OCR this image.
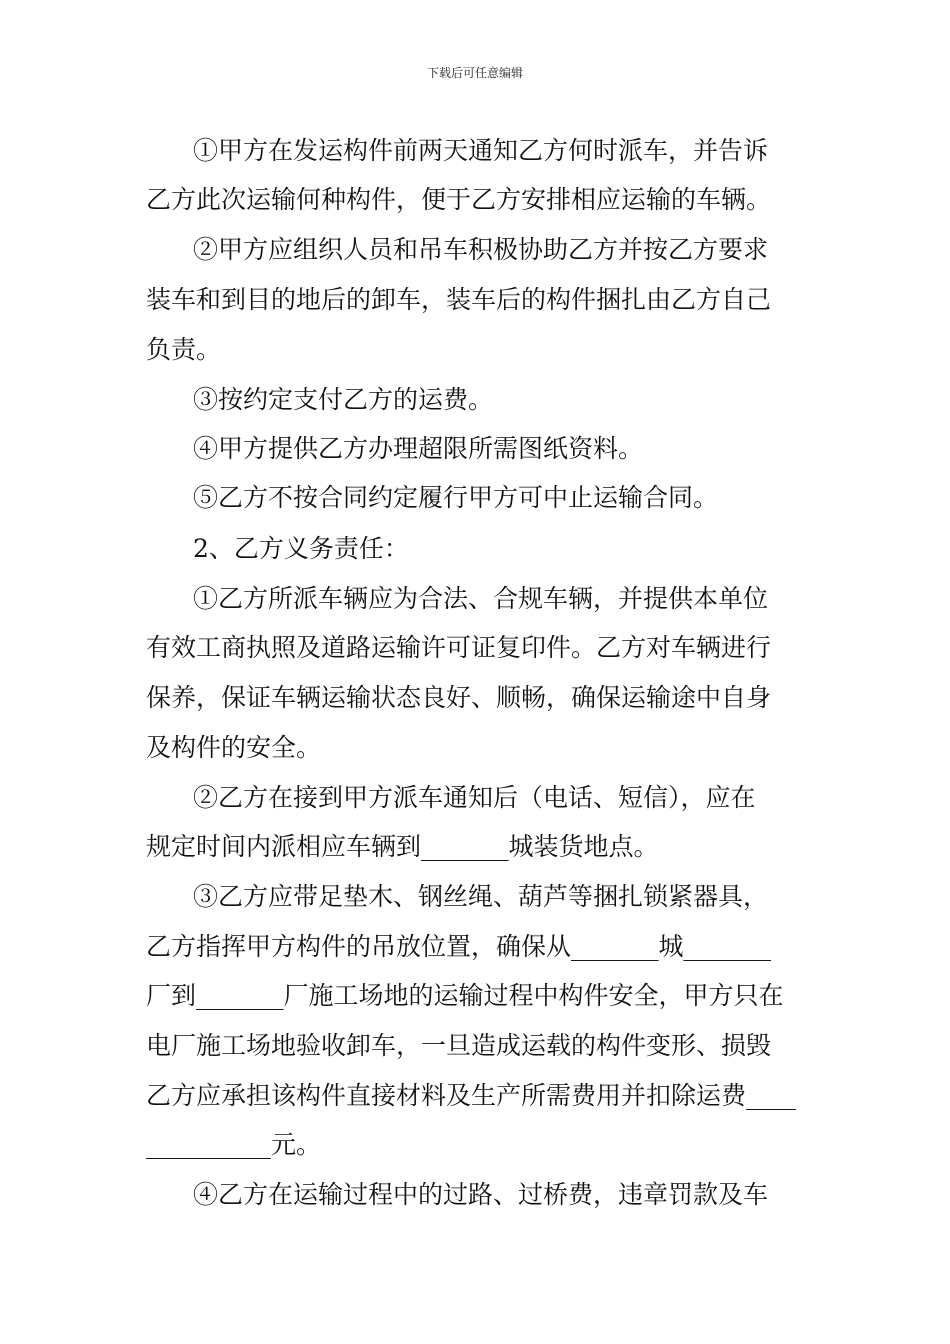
下载后可任意编辑
①甲方在发运构件前两天通知乙方何时派车，并告诉
乙方此次运输何种构件，便于乙方安排相应运输的车辆。
②甲方应组织人员和吊车积极协助乙方并按乙方要求
装车和到目的地后的卸车，装车后的构件捆扎由乙方自己
负责。
③按约定支付乙方的运费。
④甲方提供乙方办理超限所需图纸资料。
⑤乙方不按合同约定履行甲方可中止运输合同。
2、乙方义务责任：
①乙方所派车辆应为合法、合规车辆，并提供本单位
有效工商执照及道路运输许可证复印件。乙方对车辆进行
保养，保证车辆运输状态良好、顺畅，确保运输途中自身
及构件的安全。
②乙方在接到甲方派车通知后（电话、短信），应在
规定时间内派相应车辆到_______城装货地点。
③乙方应带足垫木、钢丝绳、葫芦等捆扎锁紧器具，
乙方指挥甲方构件的吊放位置，确保从_______城_______
厂到_______厂施工场地的运输过程中构件安全，甲方只在
电厂施工场地验收卸车，一旦造成运载的构件变形、损毁
乙方应承担该构件直接材料及生产所需费用并扣除运费____
__________元。
④乙方在运输过程中的过路、过桥费，违章罚款及车
